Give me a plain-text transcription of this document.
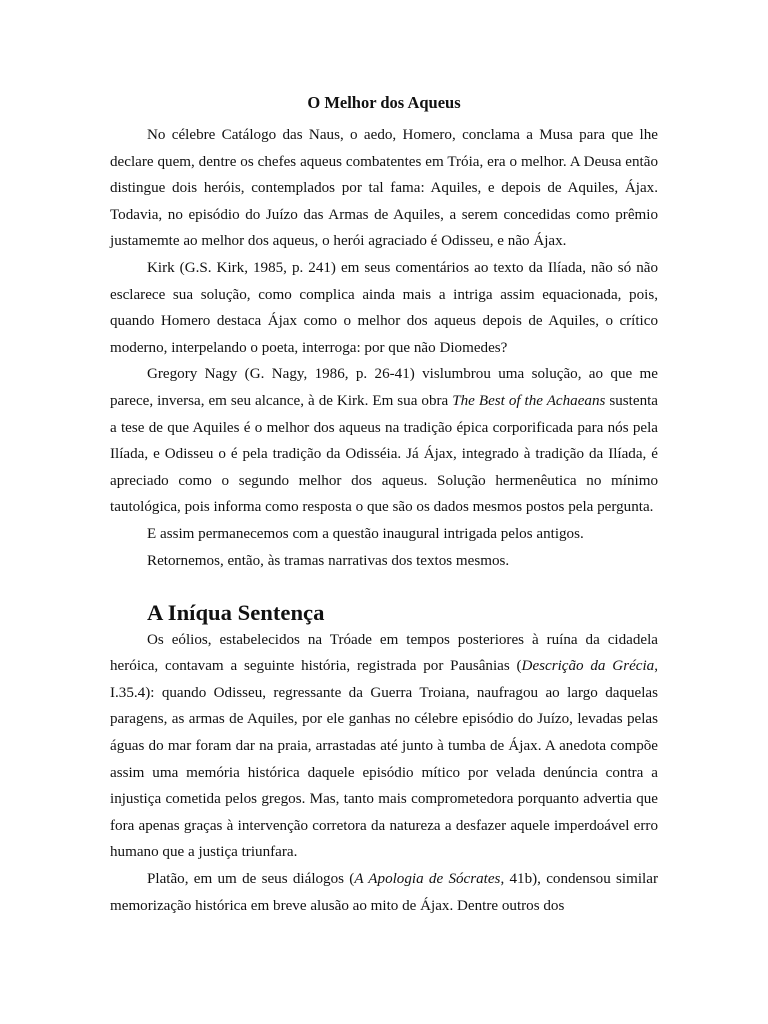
O Melhor dos Aqueus

No célebre Catálogo das Naus, o aedo, Homero, conclama a Musa para que lhe declare quem, dentre os chefes aqueus combatentes em Tróia, era o melhor. A Deusa então distingue dois heróis, contemplados por tal fama: Aquiles, e depois de Aquiles, Ájax. Todavia, no episódio do Juízo das Armas de Aquiles, a serem concedidas como prêmio justamemte ao melhor dos aqueus, o herói agraciado é Odisseu, e não Ájax.

Kirk (G.S. Kirk, 1985, p. 241) em seus comentários ao texto da Ilíada, não só não esclarece sua solução, como complica ainda mais a intriga assim equacionada, pois, quando Homero destaca Ájax como o melhor dos aqueus depois de Aquiles, o crítico moderno, interpelando o poeta, interroga: por que não Diomedes?

Gregory Nagy (G. Nagy, 1986, p. 26-41) vislumbrou uma solução, ao que me parece, inversa, em seu alcance, à de Kirk. Em sua obra The Best of the Achaeans sustenta a tese de que Aquiles é o melhor dos aqueus na tradição épica corporificada para nós pela Ilíada, e Odisseu o é pela tradição da Odisséia. Já Ájax, integrado à tradição da Ilíada, é apreciado como o segundo melhor dos aqueus. Solução hermenêutica no mínimo tautológica, pois informa como resposta o que são os dados mesmos postos pela pergunta.

E assim permanecemos com a questão inaugural intrigada pelos antigos.

Retornemos, então, às tramas narrativas dos textos mesmos.

A Iníqua Sentença

Os eólios, estabelecidos na Tróade em tempos posteriores à ruína da cidadela heróica, contavam a seguinte história, registrada por Pausânias (Descrição da Grécia, I.35.4): quando Odisseu, regressante da Guerra Troiana, naufragou ao largo daquelas paragens, as armas de Aquiles, por ele ganhas no célebre episódio do Juízo, levadas pelas águas do mar foram dar na praia, arrastadas até junto à tumba de Ájax. A anedota compõe assim uma memória histórica daquele episódio mítico por velada denúncia contra a injustiça cometida pelos gregos. Mas, tanto mais comprometedora porquanto advertia que fora apenas graças à intervenção corretora da natureza a desfazer aquele imperdoável erro humano que a justiça triunfara.

Platão, em um de seus diálogos (A Apologia de Sócrates, 41b), condensou similar memorização histórica em breve alusão ao mito de Ájax. Dentre outros dos
